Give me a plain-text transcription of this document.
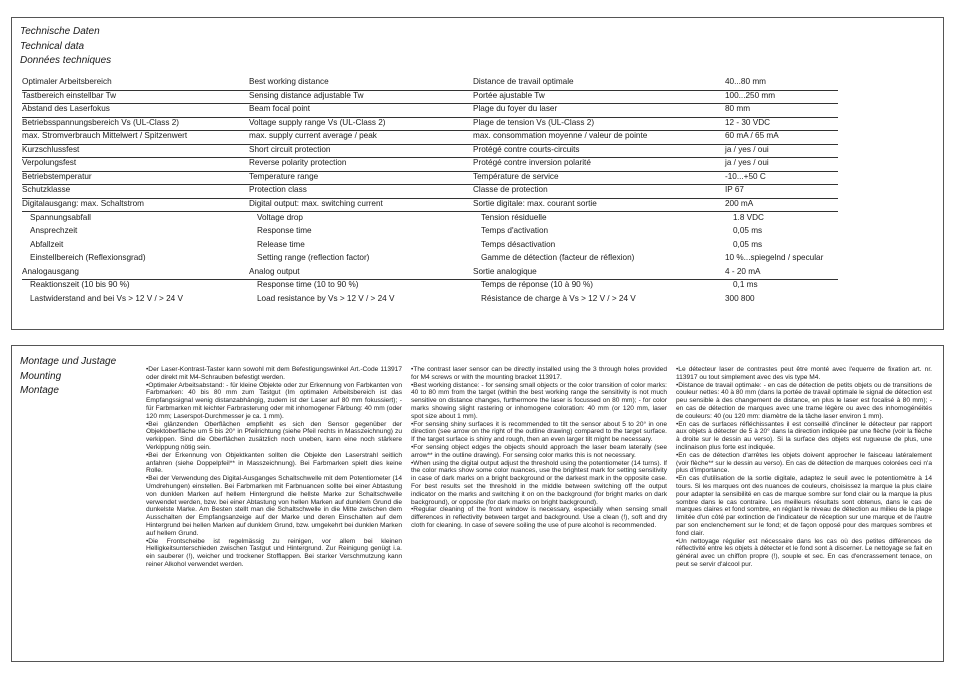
Technische Daten
Technical data
Données techniques
Optimaler Arbeitsbereich	Best working distance	Distance de travail optimale	40...80 mm
Tastbereich einstellbar Tw	Sensing distance adjustable Tw	Portée ajustable Tw	100...250 mm
Abstand des Laserfokus	Beam focal point	Plage du foyer du laser	80 mm
Betriebsspannungsbereich Vs (UL-Class 2)	Voltage supply range Vs (UL-Class 2)	Plage de tension Vs (UL-Class 2)	12 - 30 VDC
max. Stromverbrauch Mittelwert / Spitzenwert	max. supply current average / peak	max. consommation moyenne / valeur de pointe	60 mA / 65 mA
Kurzschlussfest	Short circuit protection	Protégé contre courts-circuits	ja / yes / oui
Verpolungsfest	Reverse polarity protection	Protégé contre inversion polarité	ja / yes / oui
Betriebstemperatur	Temperature range	Température de service	-10...+50 C
Schutzklasse	Protection class	Classe de protection	IP 67
Digitalausgang: max. Schaltstrom	Digital output: max. switching current	Sortie digitale: max. courant sortie	200 mA
Spannungsabfall	Voltage drop	Tension résiduelle	1.8 VDC
Ansprechzeit	Response time	Temps d'activation	0,05 ms
Abfallzeit	Release time	Temps désactivation	0,05 ms
Einstellbereich (Reflexionsgrad)	Setting range (reflection factor)	Gamme de détection (facteur de réflexion)	10 %...spiegelnd / specular
Analogausgang	Analog output	Sortie analogique	4 - 20 mA
Reaktionszeit (10 bis 90 %)	Response time (10 to 90 %)	Temps de réponse (10 à 90 %)	0,1 ms
Lastwiderstand and bei Vs > 12 V / > 24 V	Load resistance by Vs > 12 V / > 24 V	Résistance de charge à Vs > 12 V / > 24 V	300 800
Montage und Justage
Mounting
Montage

•Der Laser-Kontrast-Taster kann sowohl mit dem Befestigungswinkel Art.-Code 113917 oder direkt mit M4-Schrauben befestigt werden.

•Optimaler Arbeitsabstand: - für kleine Objekte oder zur Erkennung von Farbkanten von Farbmarken: 40 bis 80 mm zum Tastgut (Im optimalen Arbeitsbereich ist das Empfangssignal wenig distanzabhängig, zudem ist der Laser auf 80 mm fokussiert); - für Farbmarken mit leichter Farbrasterung oder mit inhomogener Färbung: 40 mm (oder 120 mm; Laserspot-Durchmesser je ca. 1 mm).

•Bei glänzenden Oberflächen empfiehlt es sich den Sensor gegenüber der Objektoberfläche um 5 bis 20° in Pfeilrichtung (siehe Pfeil rechts in Masszeichnung) zu verkippen. Sind die Oberflächen zusätzlich noch uneben, kann eine noch stärkere Verkippung nötig sein.

•Bei der Erkennung von Objektkanten sollten die Objekte den Laserstrahl seitlich anfahren (siehe Doppelpfeil** in Masszeichnung). Bei Farbmarken spielt dies keine Rolle.

•Bei der Verwendung des Digital-Ausganges Schaltschwelle mit dem Potentiometer (14 Umdrehungen) einstellen. Bei Farbmarken mit Farbnuancen sollte bei einer Abtastung von dunklen Marken auf hellem Hintergrund die hellste Marke zur Schaltschwelle verwendet werden, bzw. bei einer Abtastung von hellen Marken auf dunklem Grund die dunkelste Marke. Am Besten stellt man die Schaltschwelle in die Mitte zwischen dem Ausschalten der Empfangsanzeige auf der Marke und deren Einschalten auf dem Hintergrund bei hellen Marken auf dunklem Grund, bzw. umgekehrt bei dunklen Marken auf hellem Grund.

•Die Frontscheibe ist regelmässig zu reinigen, vor allem bei kleinen Helligkeitsunterschieden zwischen Tastgut und Hintergrund. Zur Reinigung genügt i.a. ein sauberer (!), weicher und trockener Stofflappen. Bei starker Verschmutzung kann reiner Alkohol verwendet werden.

•The contrast laser sensor can be directly installed using the 3 through holes provided for M4 screws or with the mounting bracket 113917.

•Best working distance: - for sensing small objects or the color transition of color marks: 40 to 80 mm from the target (within the best working range the sensitivity is not much sensitive on distance changes, furthermore the laser is focussed on 80 mm); - for color marks showing slight rastering or inhomogene coloration: 40 mm (or 120 mm, laser spot size about 1 mm).

•For sensing shiny surfaces it is recommended to tilt the sensor about 5 to 20° in one direction (see arrow on the right of the outline drawing) compared to the target surface. If the target surface is shiny and rough, then an even larger tilt might be necessary.

•For sensing object edges the objects should approach the laser beam laterally (see arrow** in the outline drawing). For sensing color marks this is not necessary.

•When using the digital output adjust the threshold using the potentiometer (14 turns). If the color marks show some color nuances, use the brightest mark for setting sensitivity in case of dark marks on a bright background or the darkest mark in the opposite case. For best results set the threshold in the middle between switching off the output indicator on the marks and switching it on on the background (for bright marks on dark background), or opposite (for dark marks on bright background).

•Regular cleaning of the front window is necessary, especially when sensing small differences in reflectivity between target and background. Use a clean (!), soft and dry cloth for cleaning. In case of severe soiling the use of pure alcohol is recommended.

•Le détecteur laser de contrastes peut être monté avec l'equerre de fixation art. nr. 113917 ou tout simplement avec des vis type M4.

•Distance de travail optimale: - en cas de détection de petits objets ou de transitions de couleur nettes: 40 à 80 mm (dans la portée de travail optimale le signal de détection est peu sensible à des changement de distance, en plus le laser est focalisé à 80 mm); - en cas de détection de marques avec une trame légère ou avec des inhomogénéités de couleurs: 40 (ou 120 mm: diamètre de la tâche laser environ 1 mm).

•En cas de surfaces réfléchissantes il est conseillé d'incliner le détecteur par rapport aux objets à détecter de 5 à 20° dans la direction indiquée par une flèche (voir la flèche à droite sur le dessin au verso). Si la surface des objets est rugueuse de plus, une inclinaison plus forte est indiquée.

•En cas de détection d'arrêtes les objets doivent approcher le faisceau latéralement (voir flèche** sur le dessin au verso). En cas de détection de marques colorées ceci n'a plus d'importance.

•En cas d'utilisation de la sortie digitale, adaptez le seuil avec le potentiomètre à 14 tours. Si les marques ont des nuances de couleurs, choisissez la marque la plus claire pour adapter la sensibilité en cas de marque sombre sur fond clair ou la marque la plus sombre dans le cas contraire. Les meilleurs résultats sont obtenus, dans le cas de marques claires et fond sombre, en réglant le niveau de détection au milieu de la plage limitée d'un côté par extinction de l'indicateur de réception sur une marque et de l'autre par son enclenchement sur le fond; et de façon opposé pour des marques sombres et fond clair.

•Un nettoyage régulier est nécessaire dans les cas où des petites différences de réflectivité entre les objets à détecter et le fond sont à discerner. Le nettoyage se fait en général avec un chiffon propre (!), souple et sec. En cas d'encrassement tenace, on peut se servir d'alcool pur.
